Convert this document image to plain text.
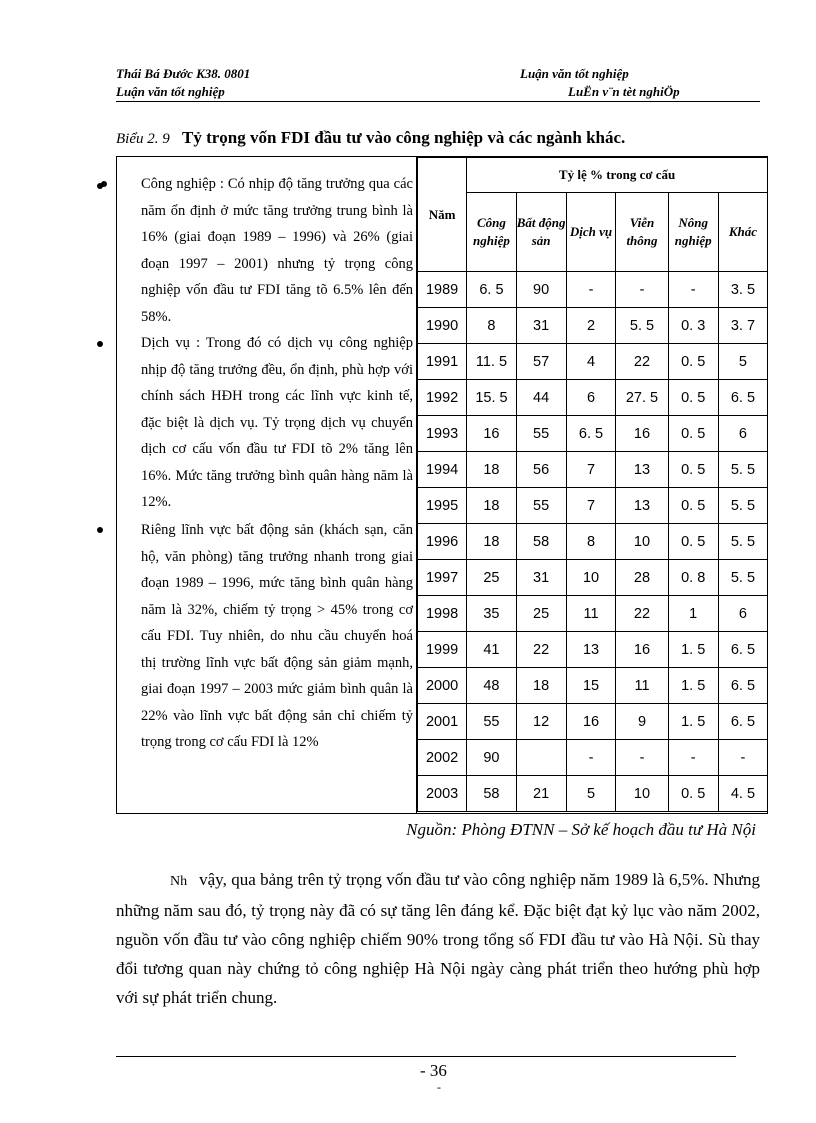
Thái Bá Đước K38. 0801	Luận văn tốt nghiệp
Luận văn tốt nghiệp	LuËn v¨n tèt nghiÖp
Biểu 2. 9 Tỷ trọng vốn FDI đầu tư vào công nghiệp và các ngành khác.
Công nghiệp : Có nhịp độ tăng trưởng qua các năm ổn định ở mức tăng trưởng trung bình là 16% (giai đoạn 1989 – 1996) và 26% (giai đoạn 1997 – 2001) nhưng tỷ trọng công nghiệp vốn đầu tư FDI tăng tõ 6.5% lên đến 58%.
Dịch vụ : Trong đó có dịch vụ công nghiệp nhịp độ tăng trưởng đều, ổn định, phù hợp với chính sách HĐH trong các lĩnh vực kinh tế, đặc biệt là dịch vụ. Tỷ trọng dịch vụ chuyển dịch cơ cấu vốn đầu tư FDI tõ 2% tăng lên 16%. Mức tăng trưởng bình quân hàng năm là 12%.
Riêng lĩnh vực bất động sản (khách sạn, căn hộ, văn phòng) tăng trưởng nhanh trong giai đoạn 1989 – 1996, mức tăng bình quân hàng năm là 32%, chiếm tỷ trọng > 45% trong cơ cấu FDI. Tuy nhiên, do nhu cầu chuyển hoá thị trường lĩnh vực bất động sản giảm mạnh, giai đoạn 1997 – 2003 mức giảm bình quân là 22% vào lĩnh vực bất động sản chỉ chiếm tỷ trọng trong cơ cấu FDI là 12%
Năm	Tỷ lệ % trong cơ cấu					
	Công nghiệp	Bất động sản	Dịch vụ	Viễn thông	Nông nghiệp	Khác
1989	6. 5	90	-	-	-	3. 5
1990	8	31	2	5. 5	0. 3	3. 7
1991	11. 5	57	4	22	0. 5	5
1992	15. 5	44	6	27. 5	0. 5	6. 5
1993	16	55	6. 5	16	0. 5	6
1994	18	56	7	13	0. 5	5. 5
1995	18	55	7	13	0. 5	5. 5
1996	18	58	8	10	0. 5	5. 5
1997	25	31	10	28	0. 8	5. 5
1998	35	25	11	22	1	6
1999	41	22	13	16	1. 5	6. 5
2000	48	18	15	11	1. 5	6. 5
2001	55	12	16	9	1. 5	6. 5
2002	90		-	-	-	-
2003	58	21	5	10	0. 5	4. 5
Nguồn: Phòng ĐTNN – Sở kế hoạch đầu tư Hà Nội
Nh vậy, qua bảng trên tỷ trọng vốn đầu tư vào công nghiệp năm 1989 là 6,5%. Nhưng những năm sau đó, tỷ trọng này đã có sự tăng lên đáng kể. Đặc biệt đạt kỷ lục vào năm 2002, nguồn vốn đầu tư vào công nghiệp chiếm 90% trong tổng số FDI đầu tư vào Hà Nội. Sù thay đổi tương quan này chứng tỏ công nghiệp Hà Nội ngày càng phát triển theo hướng phù hợp với sự phát triển chung.
- 36
-
